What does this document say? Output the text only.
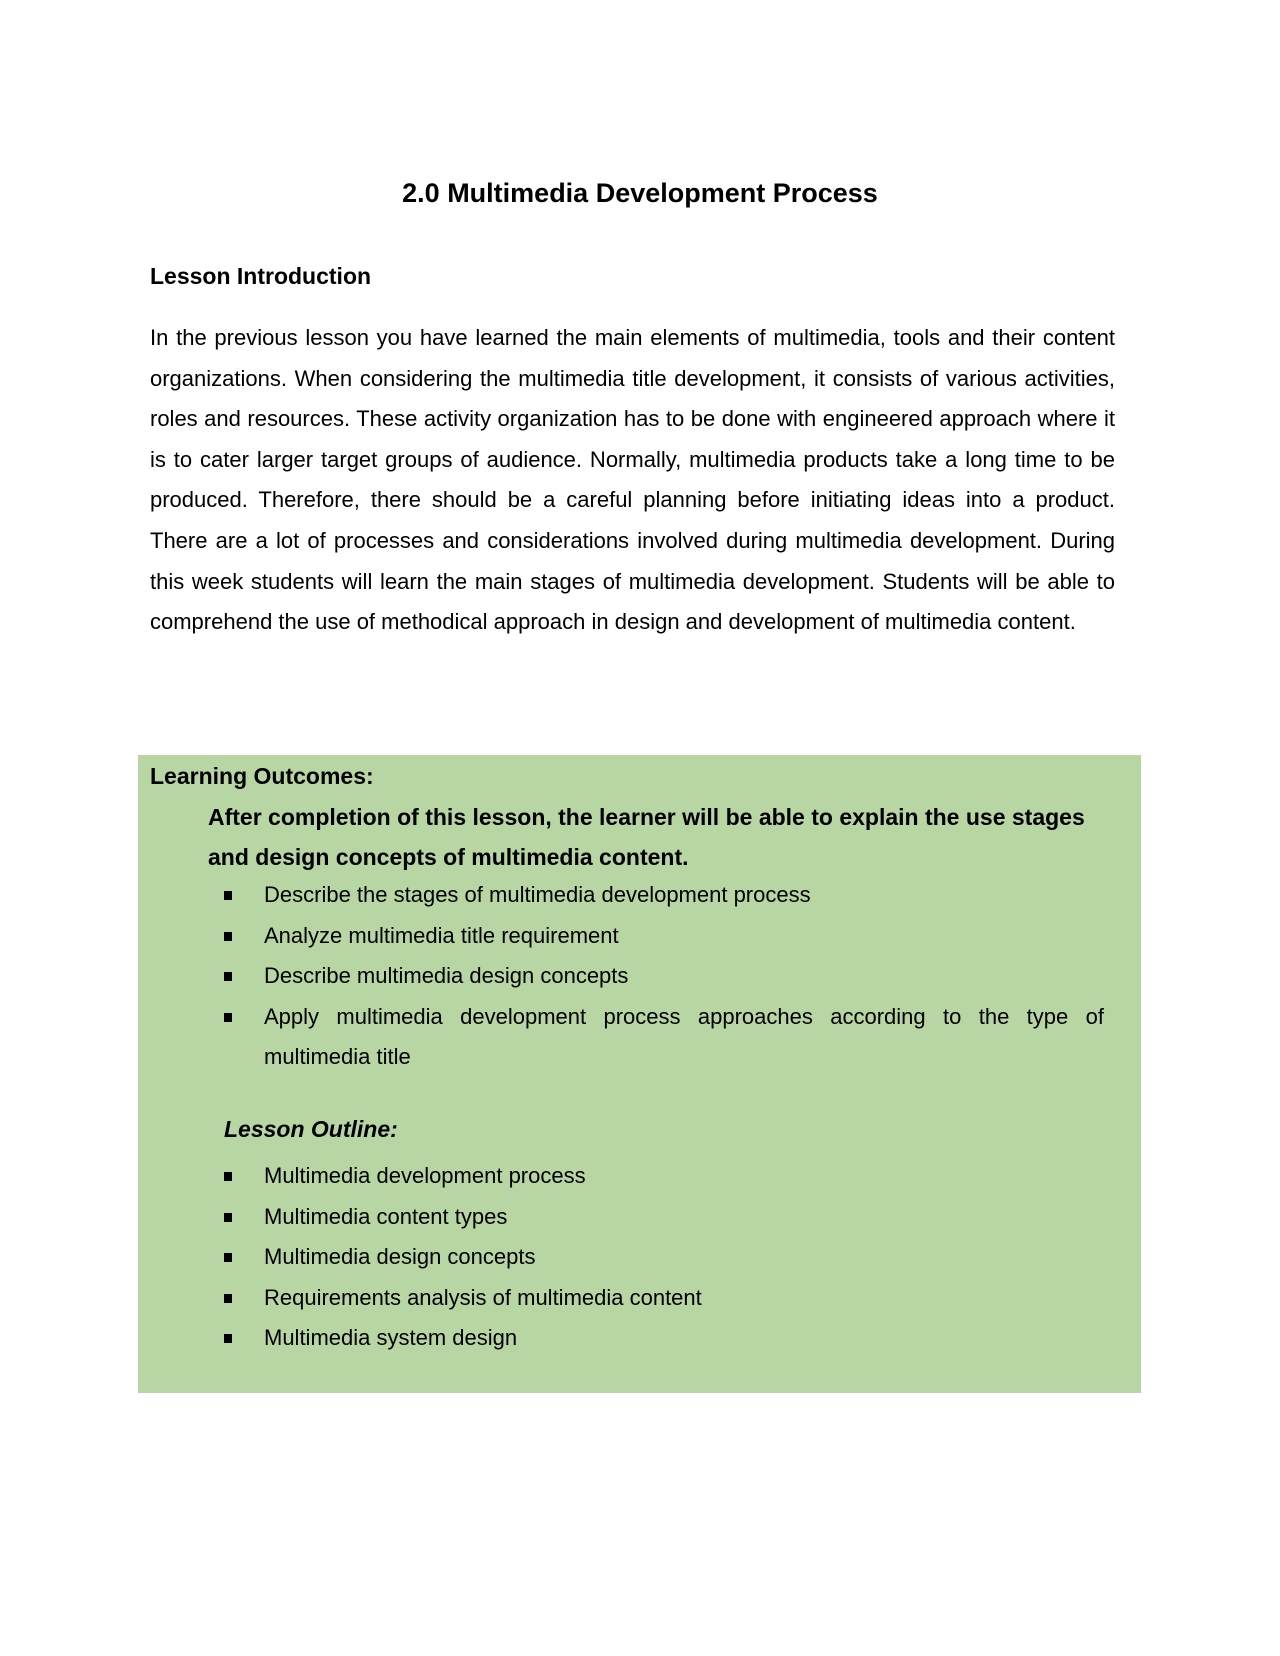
2.0 Multimedia Development Process
Lesson Introduction

In the previous lesson you have learned the main elements of multimedia, tools and their content organizations. When considering the multimedia title development, it consists of various activities, roles and resources. These activity organization has to be done with engineered approach where it is to cater larger target groups of audience. Normally, multimedia products take a long time to be produced. Therefore, there should be a careful planning before initiating ideas into a product. There are a lot of processes and considerations involved during multimedia development. During this week students will learn the main stages of multimedia development. Students will be able to comprehend the use of methodical approach in design and development of multimedia content.

Learning Outcomes:

After completion of this lesson, the learner will be able to explain the use stages and design concepts of multimedia content.

Describe the stages of multimedia development process
Analyze multimedia title requirement
Describe multimedia design concepts
Apply multimedia development process approaches according to the type of multimedia title
Lesson Outline:
Multimedia development process
Multimedia content types
Multimedia design concepts
Requirements analysis of multimedia content
Multimedia system design
